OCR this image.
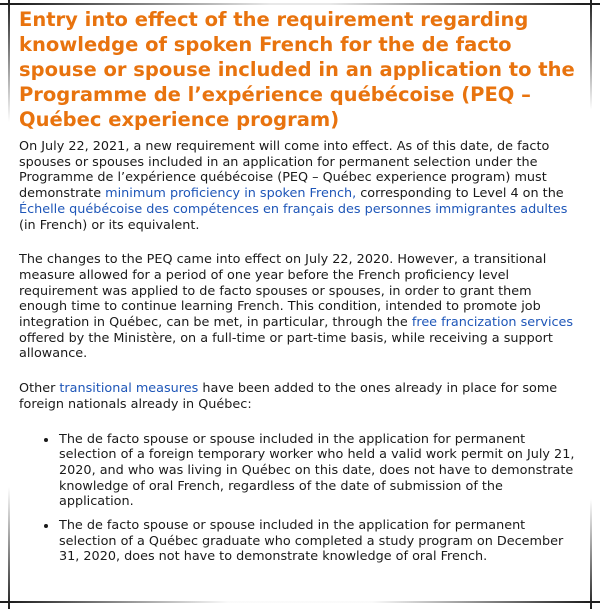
Entry into effect of the requirement regarding knowledge of spoken French for the de facto spouse or spouse included in an application to the Programme de l’expérience québécoise (PEQ – Québec experience program)

On July 22, 2021, a new requirement will come into effect. As of this date, de facto spouses or spouses included in an application for permanent selection under the Programme de l’expérience québécoise (PEQ – Québec experience program) must demonstrate minimum proficiency in spoken French, corresponding to Level 4 on the Échelle québécoise des compétences en français des personnes immigrantes adultes (in French) or its equivalent.

The changes to the PEQ came into effect on July 22, 2020. However, a transitional measure allowed for a period of one year before the French proficiency level requirement was applied to de facto spouses or spouses, in order to grant them enough time to continue learning French. This condition, intended to promote job integration in Québec, can be met, in particular, through the free francization services offered by the Ministère, on a full-time or part-time basis, while receiving a support allowance.

Other transitional measures have been added to the ones already in place for some foreign nationals already in Québec:

• The de facto spouse or spouse included in the application for permanent selection of a foreign temporary worker who held a valid work permit on July 21, 2020, and who was living in Québec on this date, does not have to demonstrate knowledge of oral French, regardless of the date of submission of the application.
• The de facto spouse or spouse included in the application for permanent selection of a Québec graduate who completed a study program on December 31, 2020, does not have to demonstrate knowledge of oral French.
